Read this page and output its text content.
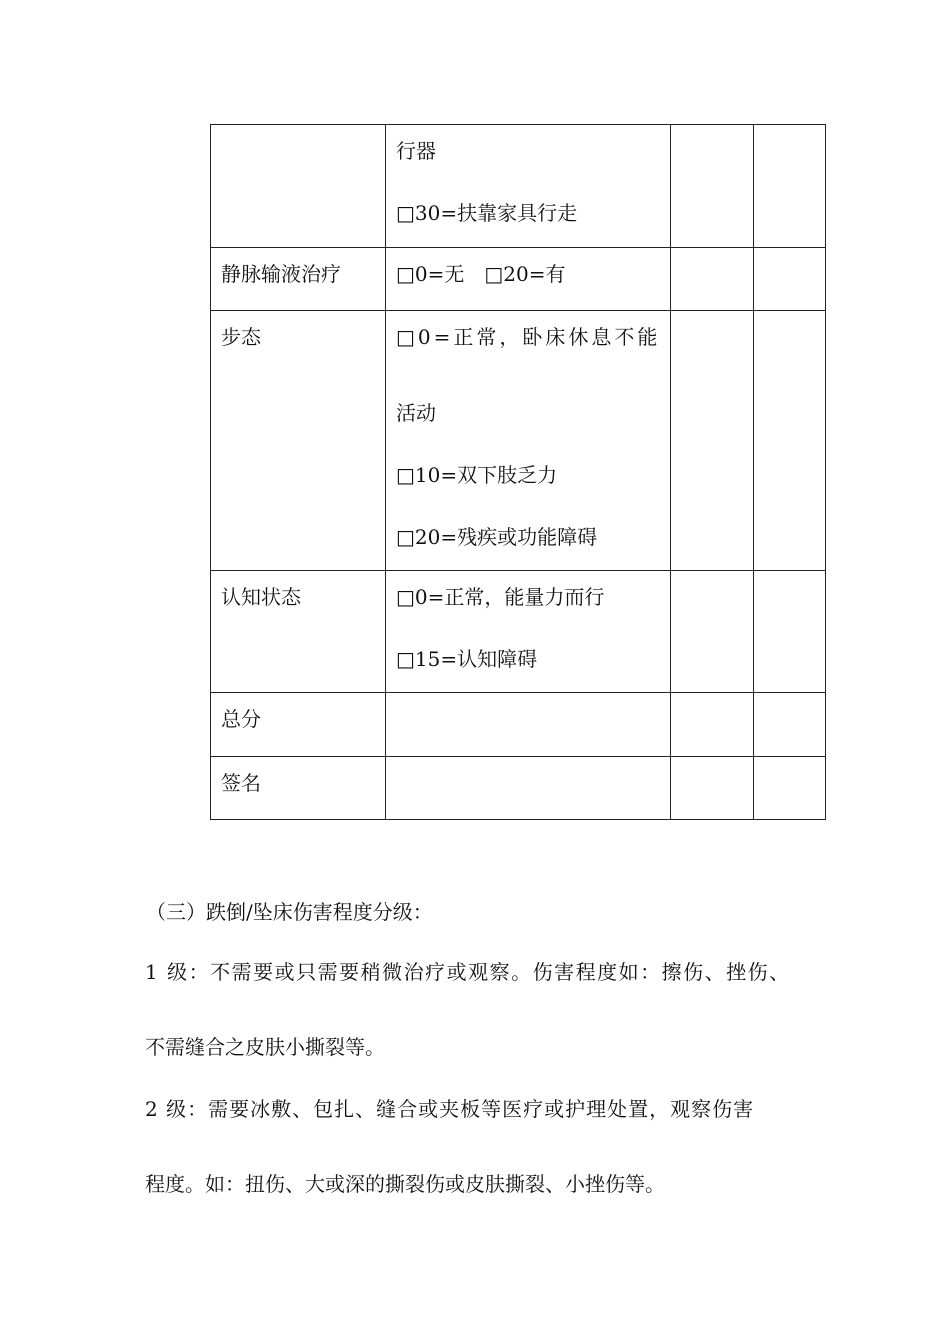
	行器
□30=扶靠家具行走		

静脉输液治疗	□0=无　□20=有		

步态	□0=正常，卧床休息不能
活动
□10=双下肢乏力
□20=残疾或功能障碍		

认知状态	□0=正常，能量力而行
□15=认知障碍		

总分			

签名			

（三）跌倒/坠床伤害程度分级：
1 级：不需要或只需要稍微治疗或观察。伤害程度如：擦伤、挫伤、
不需缝合之皮肤小撕裂等。
2 级：需要冰敷、包扎、缝合或夹板等医疗或护理处置，观察伤害
程度。如：扭伤、大或深的撕裂伤或皮肤撕裂、小挫伤等。
